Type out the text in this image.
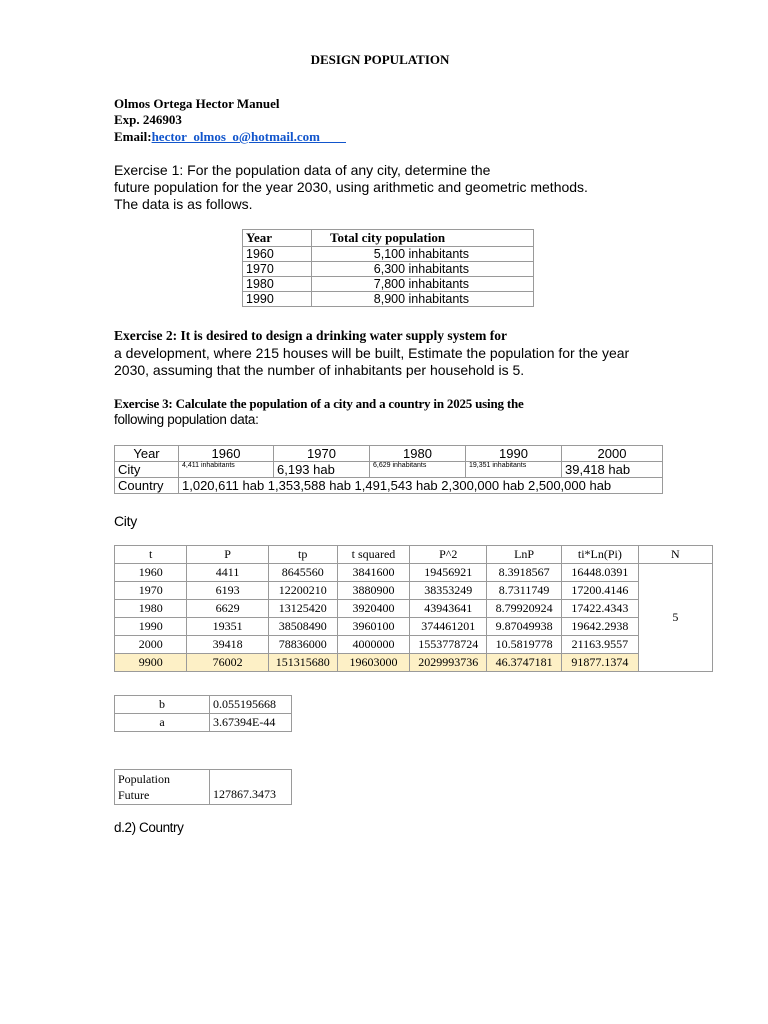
DESIGN POPULATION
Olmos Ortega Hector Manuel
Exp. 246903
Email:hector_olmos_o@hotmail.com
Exercise 1: For the population data of any city, determine the
future population for the year 2030, using arithmetic and geometric methods.
The data is as follows.
Year	Total city population
1960	5,100 inhabitants
1970	6,300 inhabitants
1980	7,800 inhabitants
1990	8,900 inhabitants
Exercise 2: It is desired to design a drinking water supply system for
a development, where 215 houses will be built, Estimate the population for the year
2030, assuming that the number of inhabitants per household is 5.
Exercise 3: Calculate the population of a city and a country in 2025 using the
following population data:
Year	1960	1970	1980	1990	2000
City	4,411 inhabitants	6,193 hab	6,629 inhabitants	19,351 inhabitants	39,418 hab
Country	1,020,611 hab 1,353,588 hab 1,491,543 hab 2,300,000 hab 2,500,000 hab				
City
t	P	tp	t squared	P^2	LnP	ti*Ln(Pi)	N
1960	4411	8645560	3841600	19456921	8.3918567	16448.0391	5
1970	6193	12200210	3880900	38353249	8.7311749	17200.4146	
1980	6629	13125420	3920400	43943641	8.79920924	17422.4343	
1990	19351	38508490	3960100	374461201	9.87049938	19642.2938	
2000	39418	78836000	4000000	1553778724	10.5819778	21163.9557	
9900	76002	151315680	19603000	2029993736	46.3747181	91877.1374	
b	0.055195668
a	3.67394E-44
Population
Future	127867.3473
d.2) Country
